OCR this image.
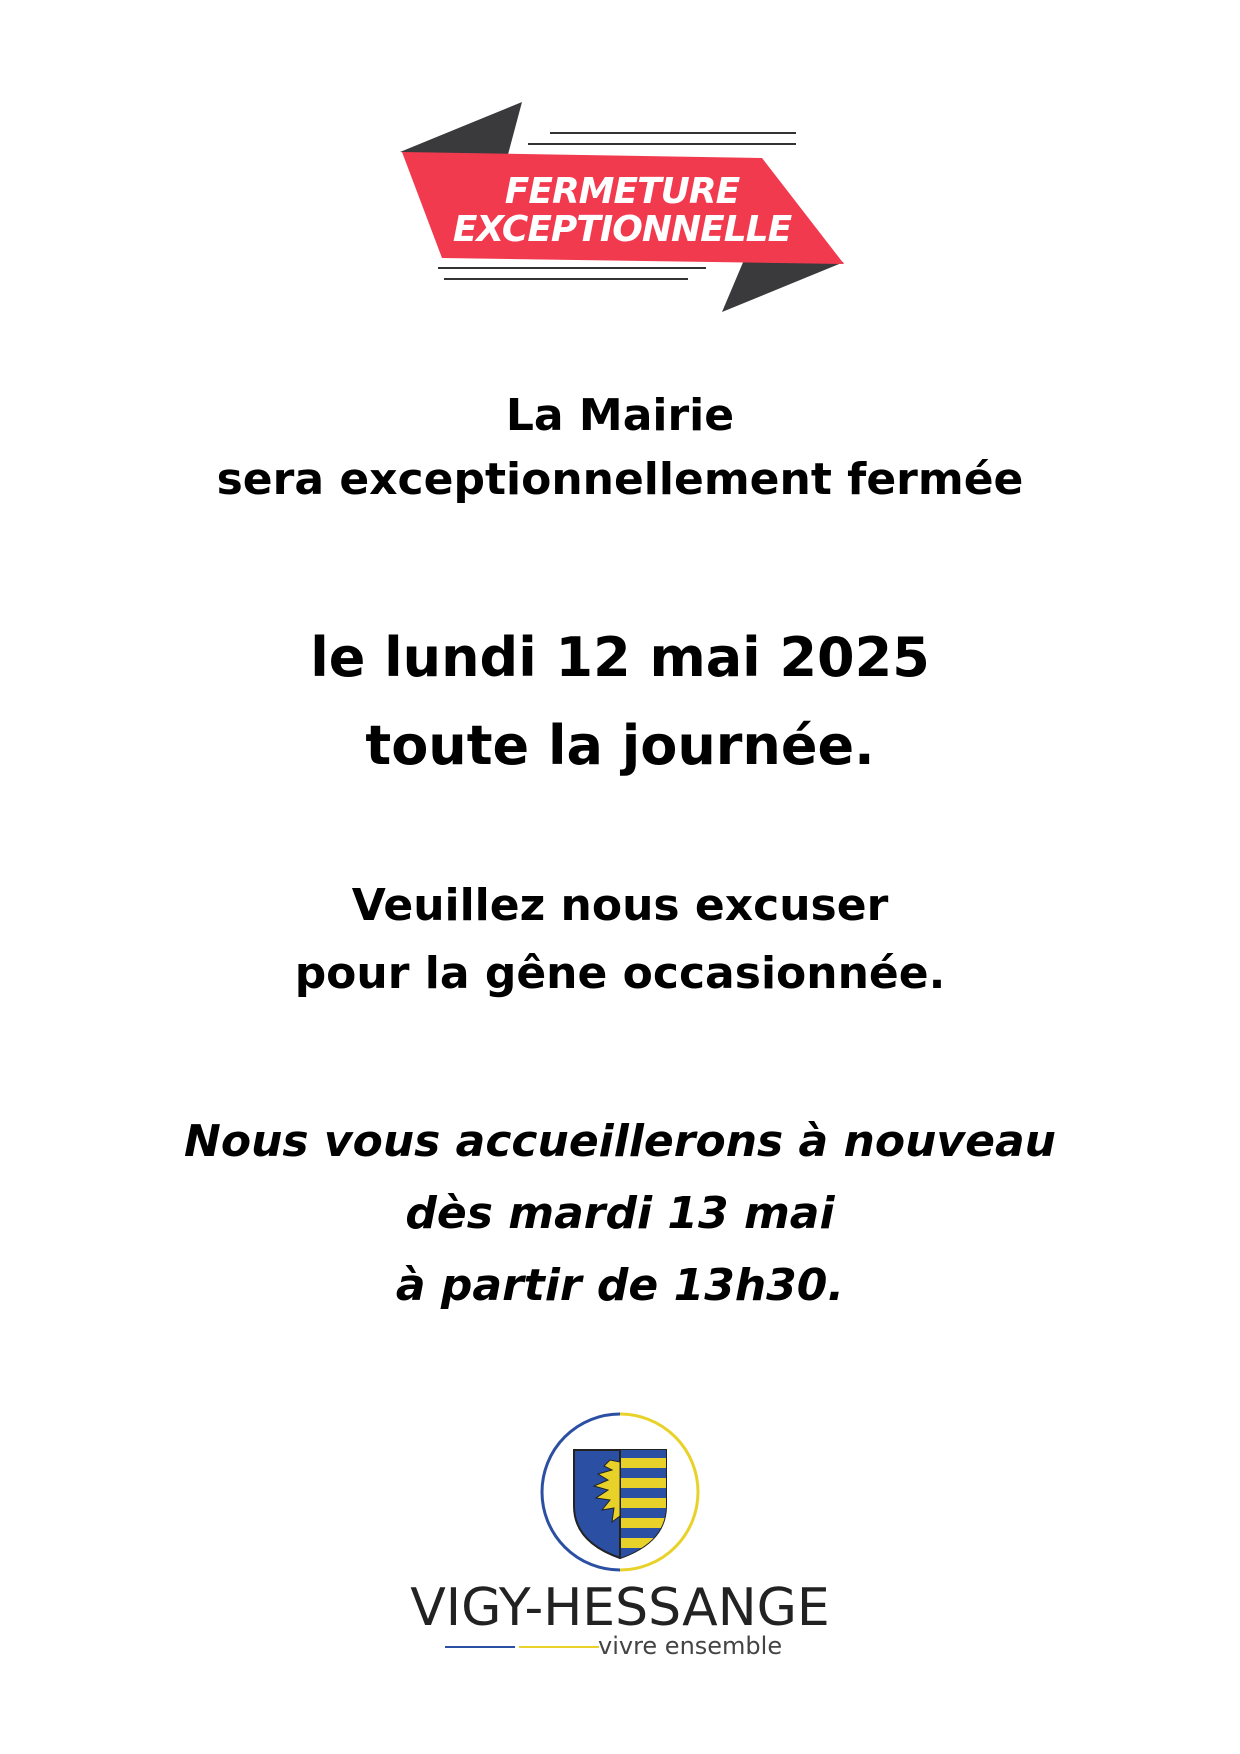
FERMETURE
EXCEPTIONNELLE
La Mairie
sera exceptionnellement fermée
le lundi 12 mai 2025
toute la journée.
Veuillez nous excuser
pour la gêne occasionnée.
Nous vous accueillerons à nouveau
dès mardi 13 mai
à partir de 13h30.
VIGY-HESSANGE
vivre ensemble
